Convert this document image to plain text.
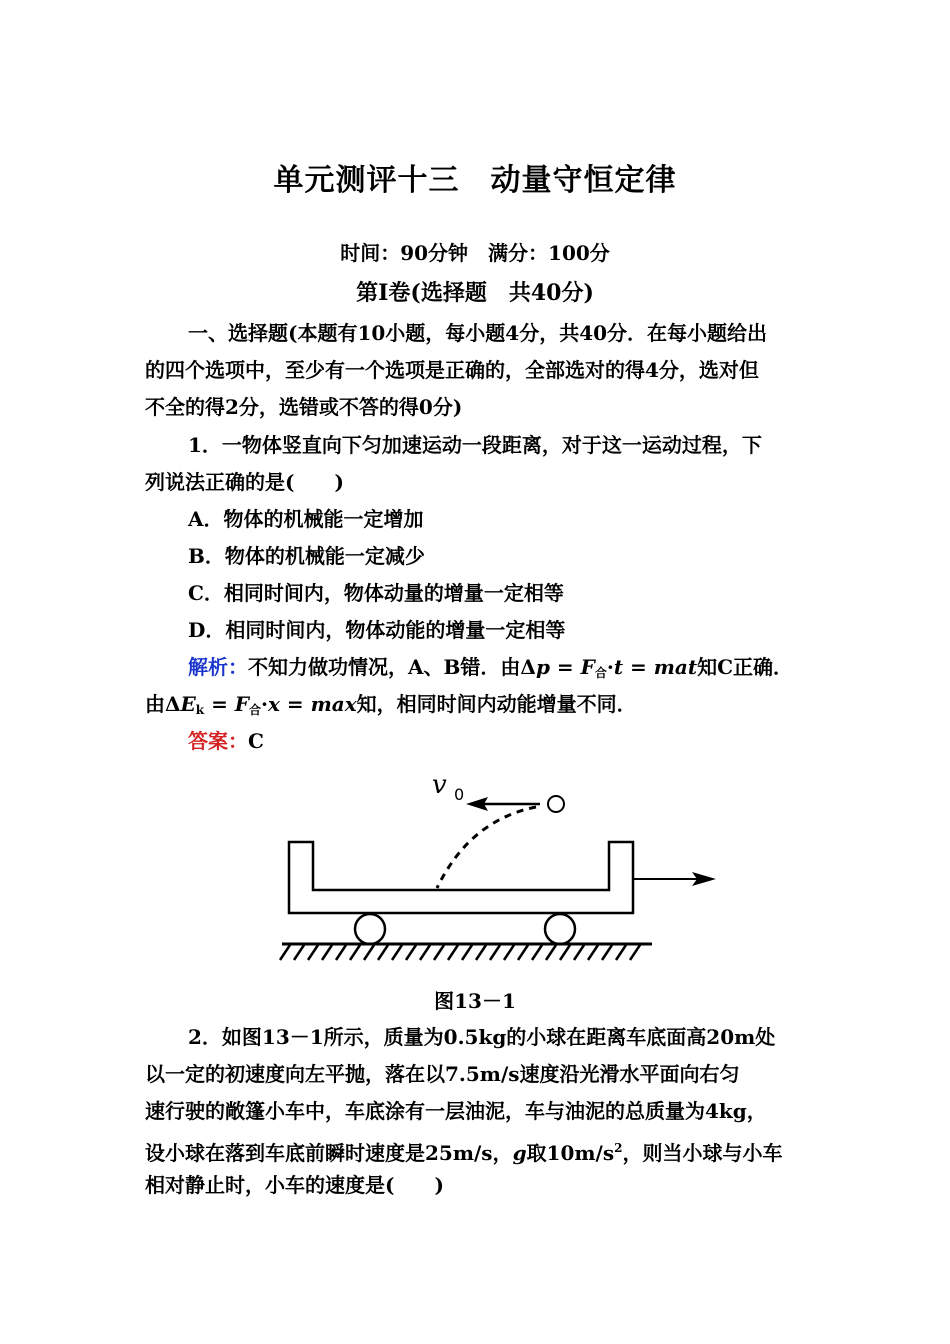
单元测评十三　动量守恒定律
时间：90分钟　满分：100分
第Ⅰ卷(选择题　共40分)
一、选择题(本题有10小题，每小题4分，共40分．在每小题给出
的四个选项中，至少有一个选项是正确的，全部选对的得4分，选对但
不全的得2分，选错或不答的得0分)
1．一物体竖直向下匀加速运动一段距离，对于这一运动过程，下
列说法正确的是(　　)
A．物体的机械能一定增加
B．物体的机械能一定减少
C．相同时间内，物体动量的增量一定相等
D．相同时间内，物体动能的增量一定相等
解析：不知力做功情况，A、B错．由$\Delta p = F_合\cdot t$ = mat知C正确．
由$\Delta E_k = F_合\cdot x = \max$知，相同时间内动能增量不同．
答案：C
v 0
图13－1
2．如图13－1所示，质量为0.5kg的小球在距离车底面高20m处
以一定的初速度向左平抛，落在以7.5m/s速度沿光滑水平面向右匀
速行驶的敞篷小车中，车底涂有一层油泥，车与油泥的总质量为4kg，
设小球在落到车底前瞬时速度是25m/s，g取$10m/s^2$，则当小球与小车
相对静止时，小车的速度是(　　)
